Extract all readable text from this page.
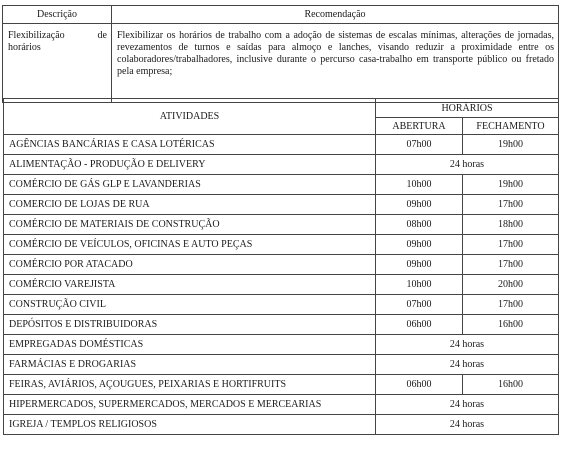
Descrição	Recomendação

Flexibilização de
horários	Flexibilizar os horários de trabalho com a adoção de sistemas de escalas mínimas, alterações de jornadas, revezamentos de turnos e saídas para almoço e lanches, visando reduzir a proximidade entre os colaboradores/trabalhadores, inclusive durante o percurso casa-trabalho em transporte público ou fretado pela empresa;
ATIVIDADES	HORÁRIOS	
	ABERTURA	FECHAMENTO
AGÊNCIAS BANCÁRIAS E CASA LOTÉRICAS	07h00	19h00
ALIMENTAÇÃO - PRODUÇÃO E DELIVERY	24 horas	
COMÉRCIO DE GÁS GLP E LAVANDERIAS	10h00	19h00
COMERCIO DE LOJAS DE RUA	09h00	17h00
COMÉRCIO DE MATERIAIS DE CONSTRUÇÃO	08h00	18h00
COMÉRCIO DE VEÍCULOS, OFICINAS E AUTO PEÇAS	09h00	17h00
COMÉRCIO POR ATACADO	09h00	17h00
COMÉRCIO VAREJISTA	10h00	20h00
CONSTRUÇÃO CIVIL	07h00	17h00
DEPÓSITOS E DISTRIBUIDORAS	06h00	16h00
EMPREGADAS DOMÉSTICAS	24 horas	
FARMÁCIAS E DROGARIAS	24 horas	
FEIRAS, AVIÁRIOS, AÇOUGUES, PEIXARIAS E HORTIFRUITS	06h00	16h00
HIPERMERCADOS, SUPERMERCADOS, MERCADOS E MERCEARIAS	24 horas	
IGREJA / TEMPLOS RELIGIOSOS	24 horas	
